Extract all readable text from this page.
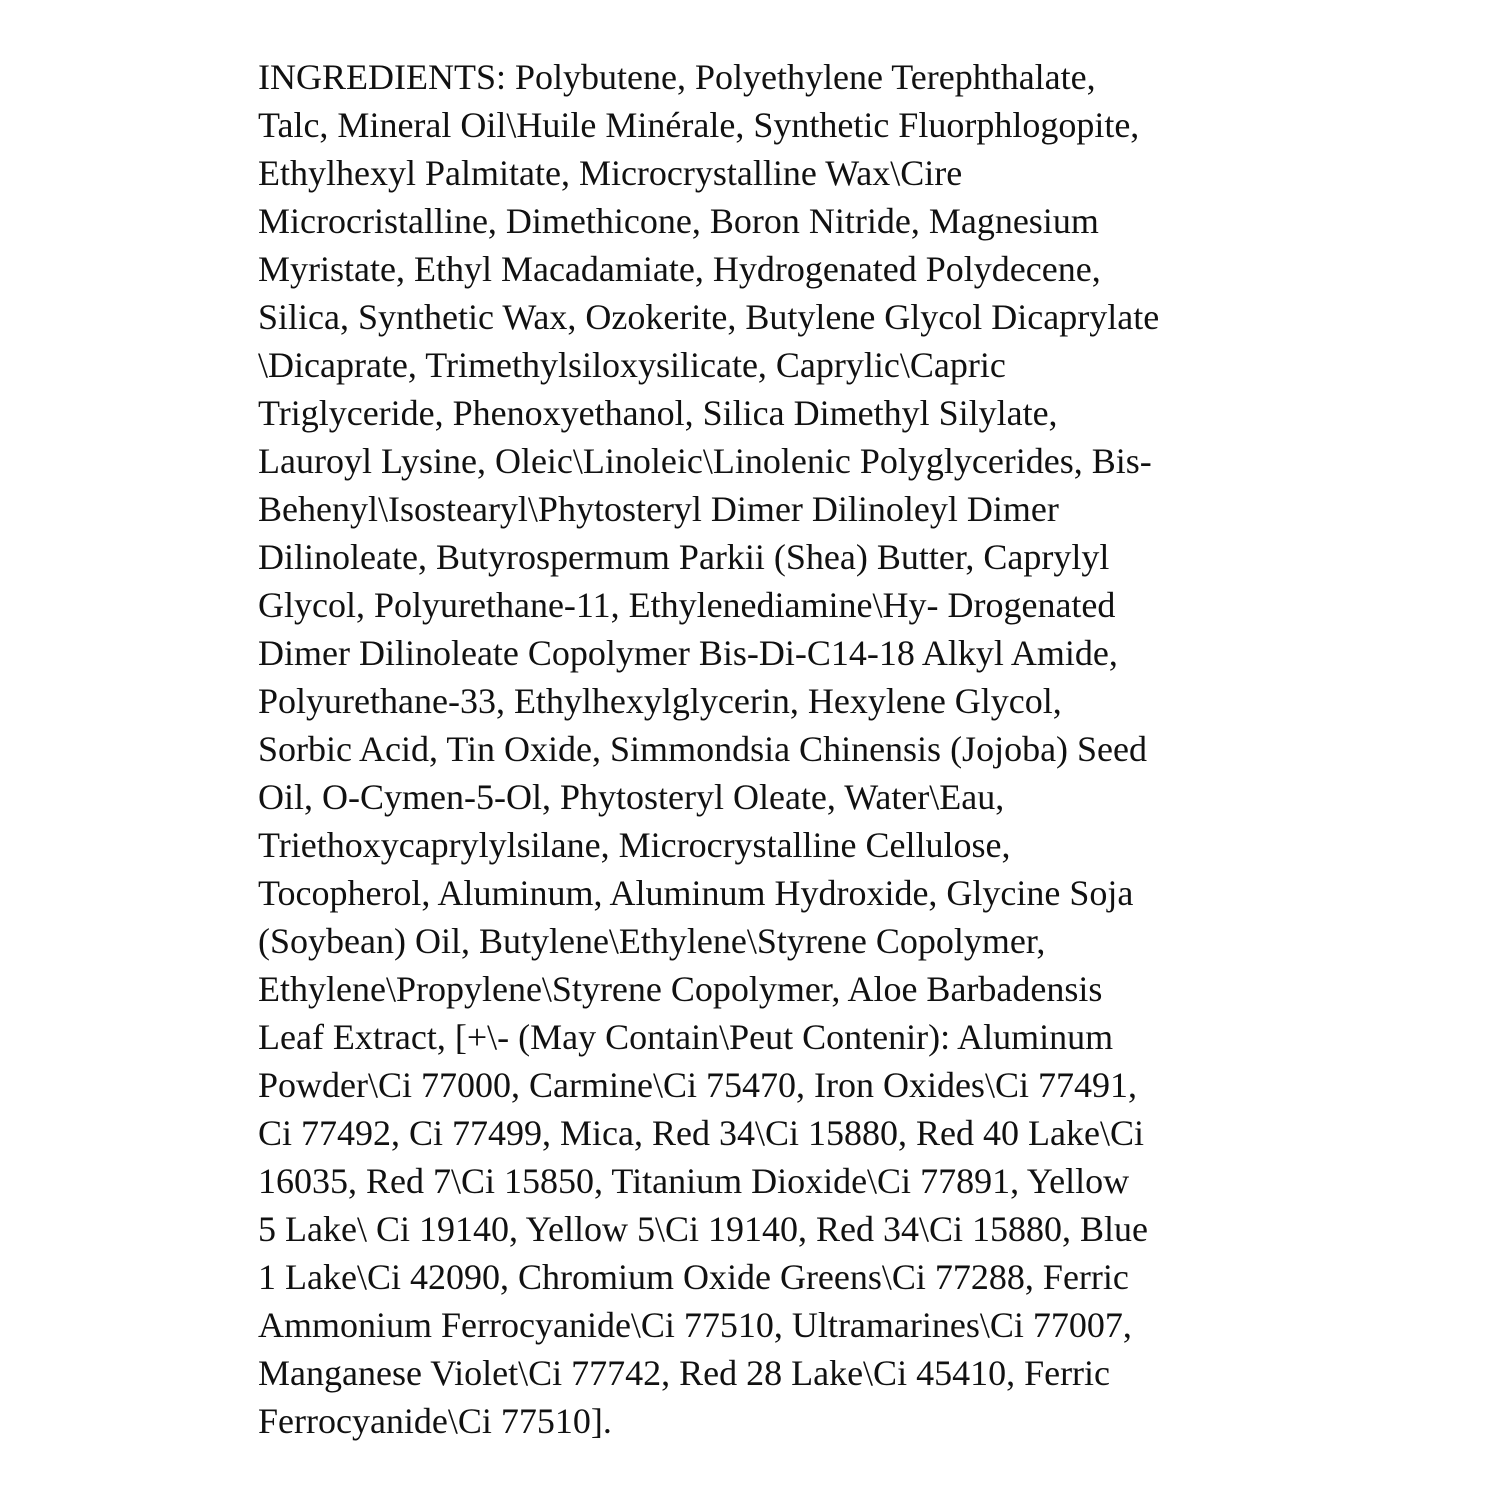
INGREDIENTS: Polybutene, Polyethylene Terephthalate,
Talc, Mineral Oil\Huile Minérale, Synthetic Fluorphlogopite,
Ethylhexyl Palmitate, Microcrystalline Wax\Cire
Microcristalline, Dimethicone, Boron Nitride, Magnesium
Myristate, Ethyl Macadamiate, Hydrogenated Polydecene,
Silica, Synthetic Wax, Ozokerite, Butylene Glycol Dicaprylate
\Dicaprate, Trimethylsiloxysilicate, Caprylic\Capric
Triglyceride, Phenoxyethanol, Silica Dimethyl Silylate,
Lauroyl Lysine, Oleic\Linoleic\Linolenic Polyglycerides, Bis-
Behenyl\Isostearyl\Phytosteryl Dimer Dilinoleyl Dimer
Dilinoleate, Butyrospermum Parkii (Shea) Butter, Caprylyl
Glycol, Polyurethane-11, Ethylenediamine\Hy- Drogenated
Dimer Dilinoleate Copolymer Bis-Di-C14-18 Alkyl Amide,
Polyurethane-33, Ethylhexylglycerin, Hexylene Glycol,
Sorbic Acid, Tin Oxide, Simmondsia Chinensis (Jojoba) Seed
Oil, O-Cymen-5-Ol, Phytosteryl Oleate, Water\Eau,
Triethoxycaprylylsilane, Microcrystalline Cellulose,
Tocopherol, Aluminum, Aluminum Hydroxide, Glycine Soja
(Soybean) Oil, Butylene\Ethylene\Styrene Copolymer,
Ethylene\Propylene\Styrene Copolymer, Aloe Barbadensis
Leaf Extract, [+\- (May Contain\Peut Contenir): Aluminum
Powder\Ci 77000, Carmine\Ci 75470, Iron Oxides\Ci 77491,
Ci 77492, Ci 77499, Mica, Red 34\Ci 15880, Red 40 Lake\Ci
16035, Red 7\Ci 15850, Titanium Dioxide\Ci 77891, Yellow
5 Lake\ Ci 19140, Yellow 5\Ci 19140, Red 34\Ci 15880, Blue
1 Lake\Ci 42090, Chromium Oxide Greens\Ci 77288, Ferric
Ammonium Ferrocyanide\Ci 77510, Ultramarines\Ci 77007,
Manganese Violet\Ci 77742, Red 28 Lake\Ci 45410, Ferric
Ferrocyanide\Ci 77510].
